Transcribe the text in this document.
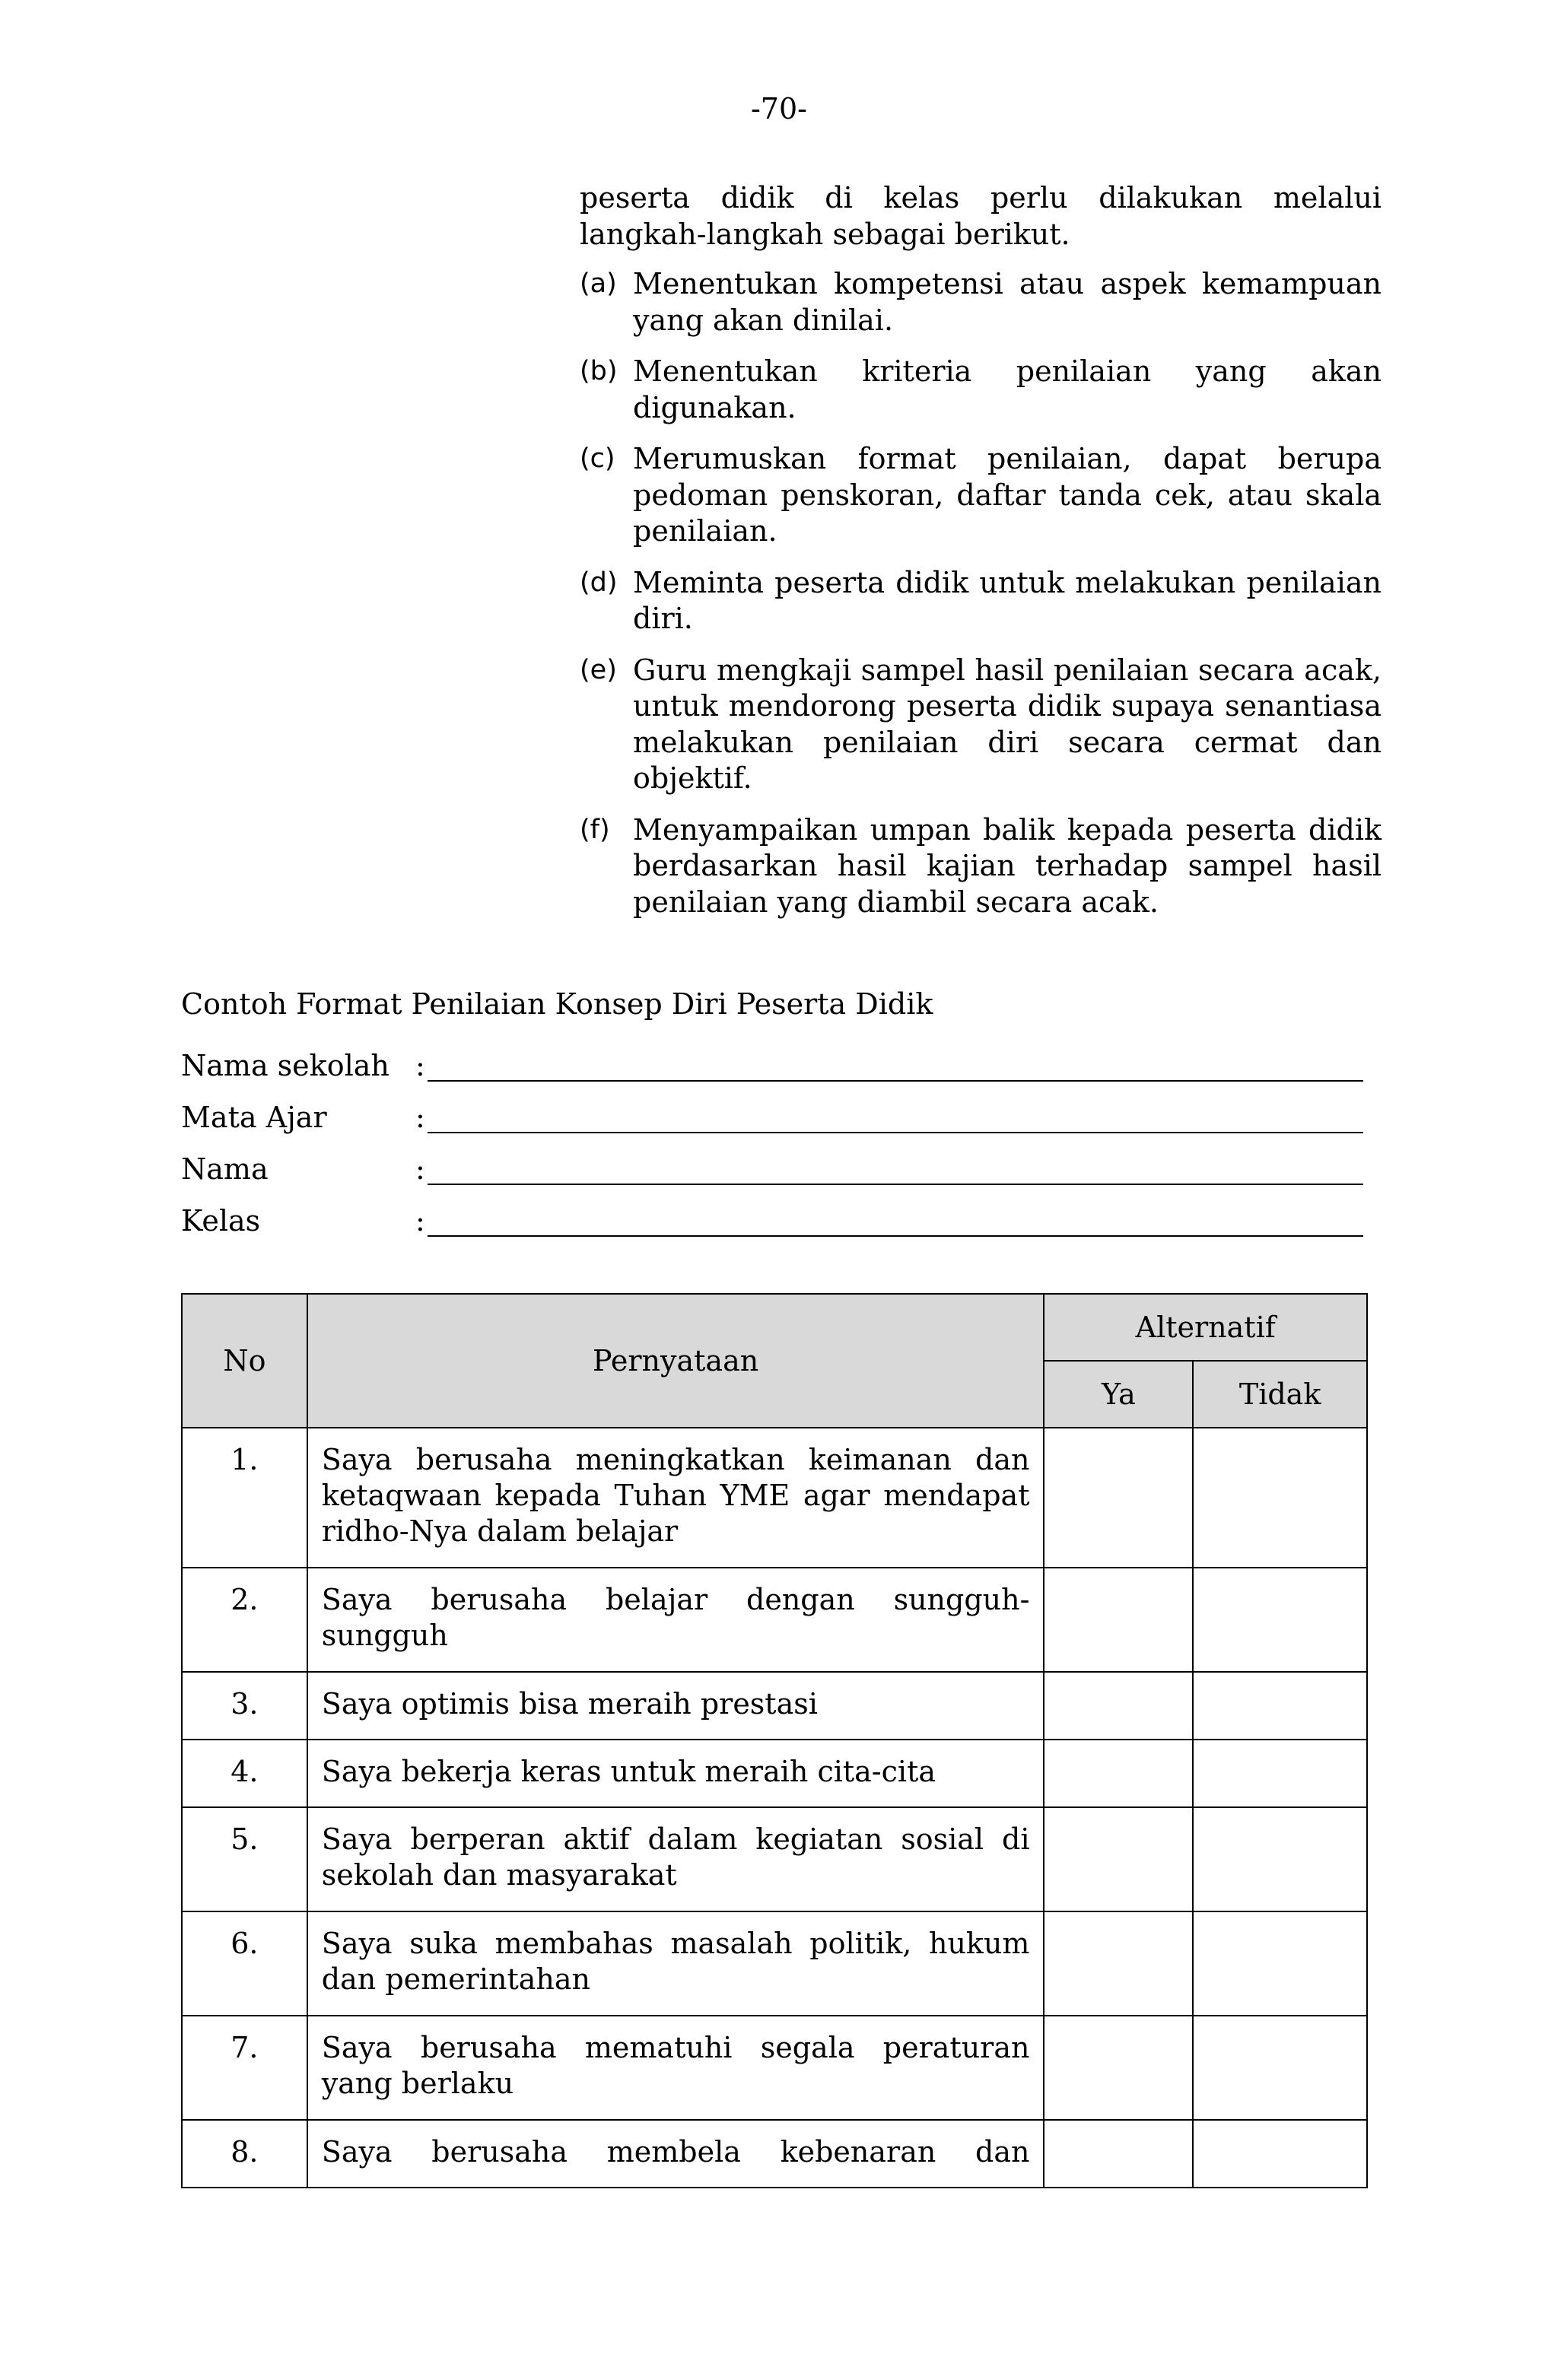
-70-

peserta didik di kelas perlu dilakukan melalui langkah-langkah sebagai berikut.

(a) Menentukan kompetensi atau aspek kemampuan yang akan dinilai.
(b) Menentukan kriteria penilaian yang akan digunakan.
(c) Merumuskan format penilaian, dapat berupa pedoman penskoran, daftar tanda cek, atau skala penilaian.
(d) Meminta peserta didik untuk melakukan penilaian diri.
(e) Guru mengkaji sampel hasil penilaian secara acak, untuk mendorong peserta didik supaya senantiasa melakukan penilaian diri secara cermat dan objektif.
(f) Menyampaikan umpan balik kepada peserta didik berdasarkan hasil kajian terhadap sampel hasil penilaian yang diambil secara acak.

Contoh Format Penilaian Konsep Diri Peserta Didik

Nama sekolah :
Mata Ajar	:
Nama	:
Kelas	:
No	Pernyataan	Alternatif	
		Ya	Tidak
1.	Saya berusaha meningkatkan keimanan dan ketaqwaan kepada Tuhan YME agar mendapat ridho-Nya dalam belajar		
2.	Saya berusaha belajar dengan sungguh-sungguh		
3.	Saya optimis bisa meraih prestasi		
4.	Saya bekerja keras untuk meraih cita-cita		
5.	Saya berperan aktif dalam kegiatan sosial di sekolah dan masyarakat		
6.	Saya suka membahas masalah politik, hukum dan pemerintahan		
7.	Saya berusaha mematuhi segala peraturan yang berlaku		
8.	Saya berusaha membela kebenaran dan		
